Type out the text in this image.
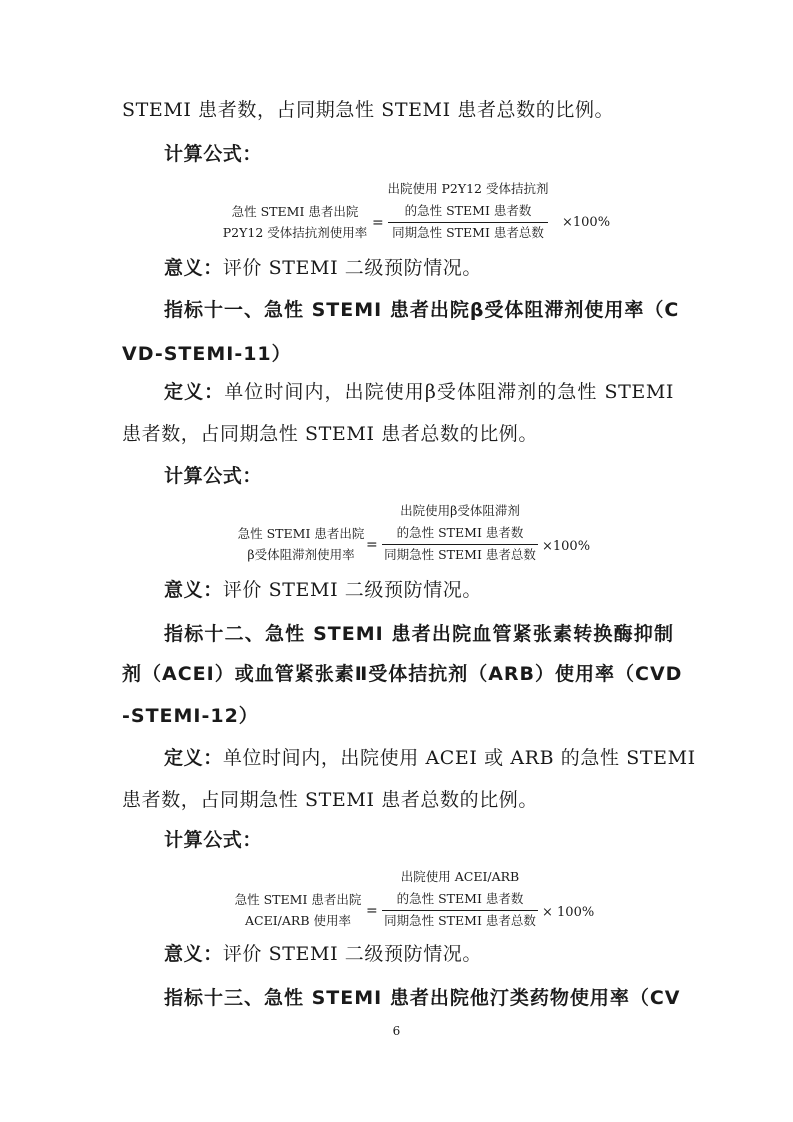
STEMI 患者数，占同期急性 STEMI 患者总数的比例。
计算公式：
急性 STEMI 患者出院
P2Y12 受体拮抗剂使用率
=
出院使用 P2Y12 受体拮抗剂
的急性 STEMI 患者数
同期急性 STEMI 患者总数
×100%
意义：评价 STEMI 二级预防情况。
指标十一、急性 STEMI 患者出院β受体阻滞剂使用率（C
VD-STEMI-11）
定义：单位时间内，出院使用β受体阻滞剂的急性 STEMI
患者数，占同期急性 STEMI 患者总数的比例。
计算公式：
急性 STEMI 患者出院
β受体阻滞剂使用率
=
出院使用β受体阻滞剂
的急性 STEMI 患者数
同期急性 STEMI 患者总数
×100%
意义：评价 STEMI 二级预防情况。
指标十二、急性 STEMI 患者出院血管紧张素转换酶抑制
剂（ACEI）或血管紧张素Ⅱ受体拮抗剂（ARB）使用率（CVD
-STEMI-12）
定义：单位时间内，出院使用 ACEI 或 ARB 的急性 STEMI
患者数，占同期急性 STEMI 患者总数的比例。
计算公式：
急性 STEMI 患者出院
ACEI/ARB 使用率
=
出院使用 ACEI/ARB
的急性 STEMI 患者数
同期急性 STEMI 患者总数
× 100%
意义：评价 STEMI 二级预防情况。
指标十三、急性 STEMI 患者出院他汀类药物使用率（CV
6
